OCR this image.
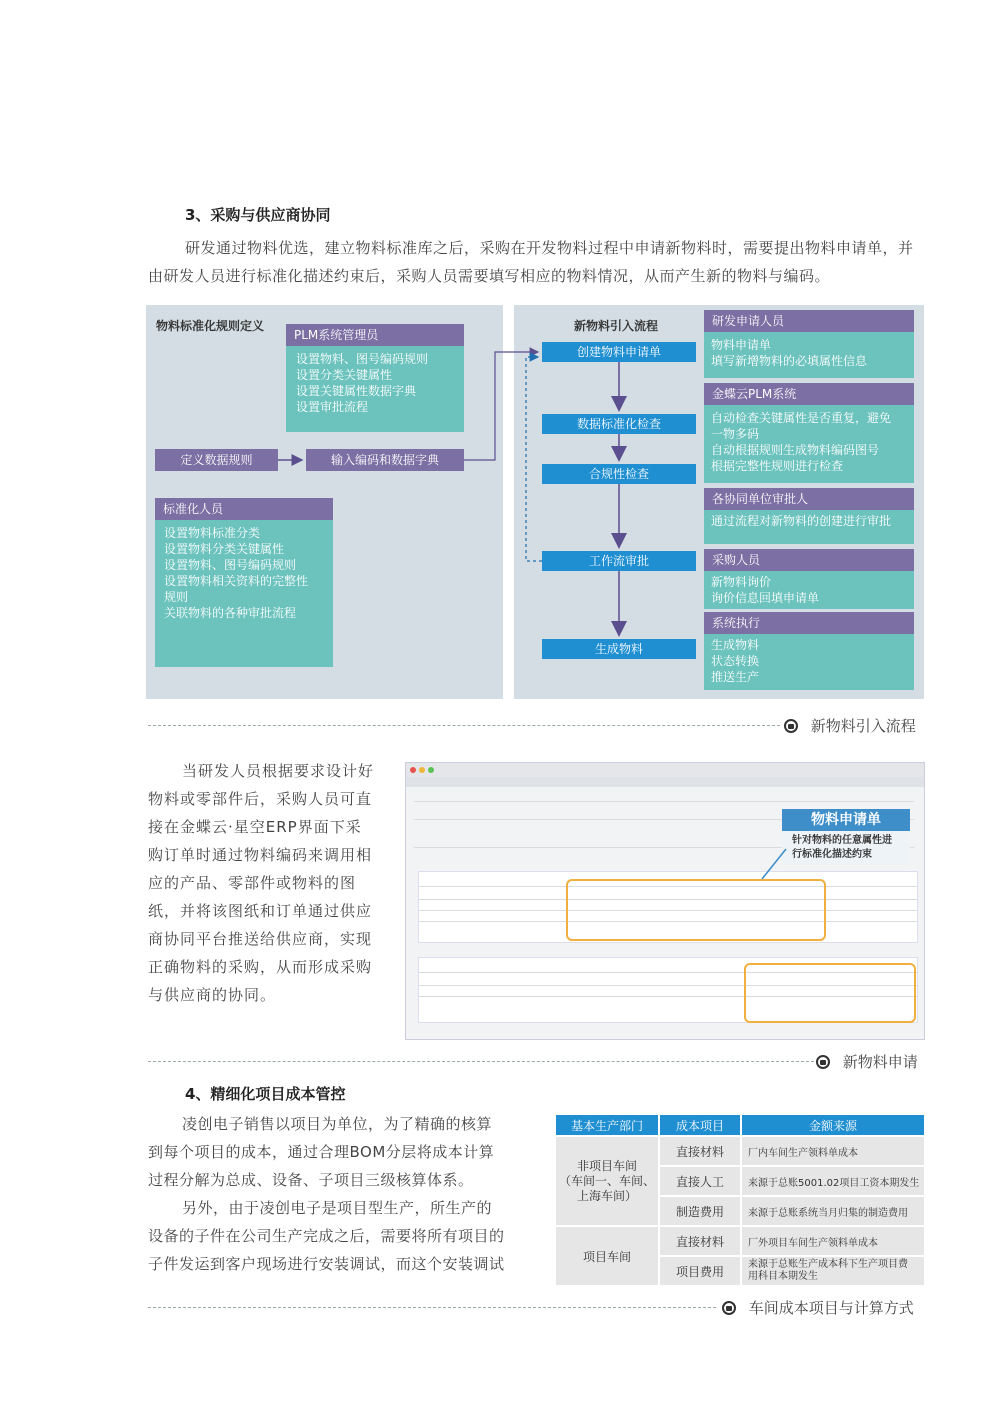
3、采购与供应商协同
研发通过物料优选，建立物料标准库之后，采购在开发物料过程中申请新物料时，需要提出物料申请单，并
由研发人员进行标准化描述约束后，采购人员需要填写相应的物料情况，从而产生新的物料与编码。
物料标准化规则定义
PLM系统管理员
设置物料、图号编码规则
设置分类关键属性
设置关键属性数据字典
设置审批流程
定义数据规则	输入编码和数据字典
标准化人员
设置物料标准分类
设置物料分类关键属性
设置物料、图号编码规则
设置物料相关资料的完整性
规则
关联物料的各种审批流程
新物料引入流程
创建物料申请单
数据标准化检查
合规性检查
工作流审批
生成物料
研发申请人员
物料申请单
填写新增物料的必填属性信息
金蝶云PLM系统
自动检查关键属性是否重复，避免
一物多码
自动根据规则生成物料编码图号
根据完整性规则进行检查
各协同单位审批人
通过流程对新物料的创建进行审批
采购人员
新物料询价
询价信息回填申请单
系统执行
生成物料
状态转换
推送生产
新物料引入流程
当研发人员根据要求设计好
物料或零部件后，采购人员可直
接在金蝶云·星空ERP界面下采
购订单时通过物料编码来调用相
应的产品、零部件或物料的图
纸，并将该图纸和订单通过供应
商协同平台推送给供应商，实现
正确物料的采购，从而形成采购
与供应商的协同。
物料申请单
针对物料的任意属性进
行标准化描述约束
新物料申请
4、精细化项目成本管控
凌创电子销售以项目为单位，为了精确的核算
到每个项目的成本，通过合理BOM分层将成本计算
过程分解为总成、设备、子项目三级核算体系。
另外，由于凌创电子是项目型生产，所生产的
设备的子件在公司生产完成之后，需要将所有项目的
子件发运到客户现场进行安装调试，而这个安装调试
基本生产部门	成本项目	金额来源

非项目车间
（车间一、车间、
上海车间）	直接材料	厂内车间生产领料单成本
	直接人工	来源于总账5001.02项目工资本期发生
	制造费用	来源于总账系统当月归集的制造费用
项目车间	直接材料	厂外项目车间生产领料单成本
	项目费用	来源于总账生产成本科下生产项目费
用科目本期发生
车间成本项目与计算方式
